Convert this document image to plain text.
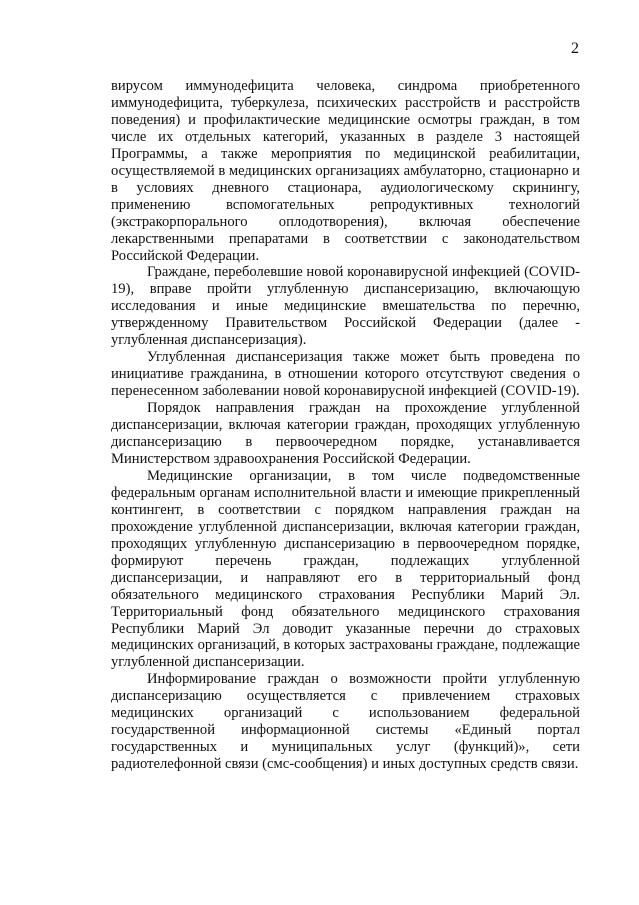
2

вирусом иммунодефицита человека, синдрома приобретенного иммунодефицита, туберкулеза, психических расстройств и расстройств поведения) и профилактические медицинские осмотры граждан, в том числе их отдельных категорий, указанных в разделе 3 настоящей Программы, а также мероприятия по медицинской реабилитации, осуществляемой в медицинских организациях амбулаторно, стационарно и в условиях дневного стационара, аудиологическому скринингу, применению вспомогательных репродуктивных технологий (экстракорпорального оплодотворения), включая обеспечение лекарственными препаратами в соответствии с законодательством Российской Федерации.

Граждане, переболевшие новой коронавирусной инфекцией (COVID-19), вправе пройти углубленную диспансеризацию, включающую исследования и иные медицинские вмешательства по перечню, утвержденному Правительством Российской Федерации (далее - углубленная диспансеризация).

Углубленная диспансеризация также может быть проведена по инициативе гражданина, в отношении которого отсутствуют сведения о перенесенном заболевании новой коронавирусной инфекцией (COVID-19).

Порядок направления граждан на прохождение углубленной диспансеризации, включая категории граждан, проходящих углубленную диспансеризацию в первоочередном порядке, устанавливается Министерством здравоохранения Российской Федерации.

Медицинские организации, в том числе подведомственные федеральным органам исполнительной власти и имеющие прикрепленный контингент, в соответствии с порядком направления граждан на прохождение углубленной диспансеризации, включая категории граждан, проходящих углубленную диспансеризацию в первоочередном порядке, формируют перечень граждан, подлежащих углубленной диспансеризации, и направляют его в территориальный фонд обязательного медицинского страхования Республики Марий Эл. Территориальный фонд обязательного медицинского страхования Республики Марий Эл доводит указанные перечни до страховых медицинских организаций, в которых застрахованы граждане, подлежащие углубленной диспансеризации.

Информирование граждан о возможности пройти углубленную диспансеризацию осуществляется с привлечением страховых медицинских организаций с использованием федеральной государственной информационной системы «Единый портал государственных и муниципальных услуг (функций)», сети радиотелефонной связи (смс-сообщения) и иных доступных средств связи.
